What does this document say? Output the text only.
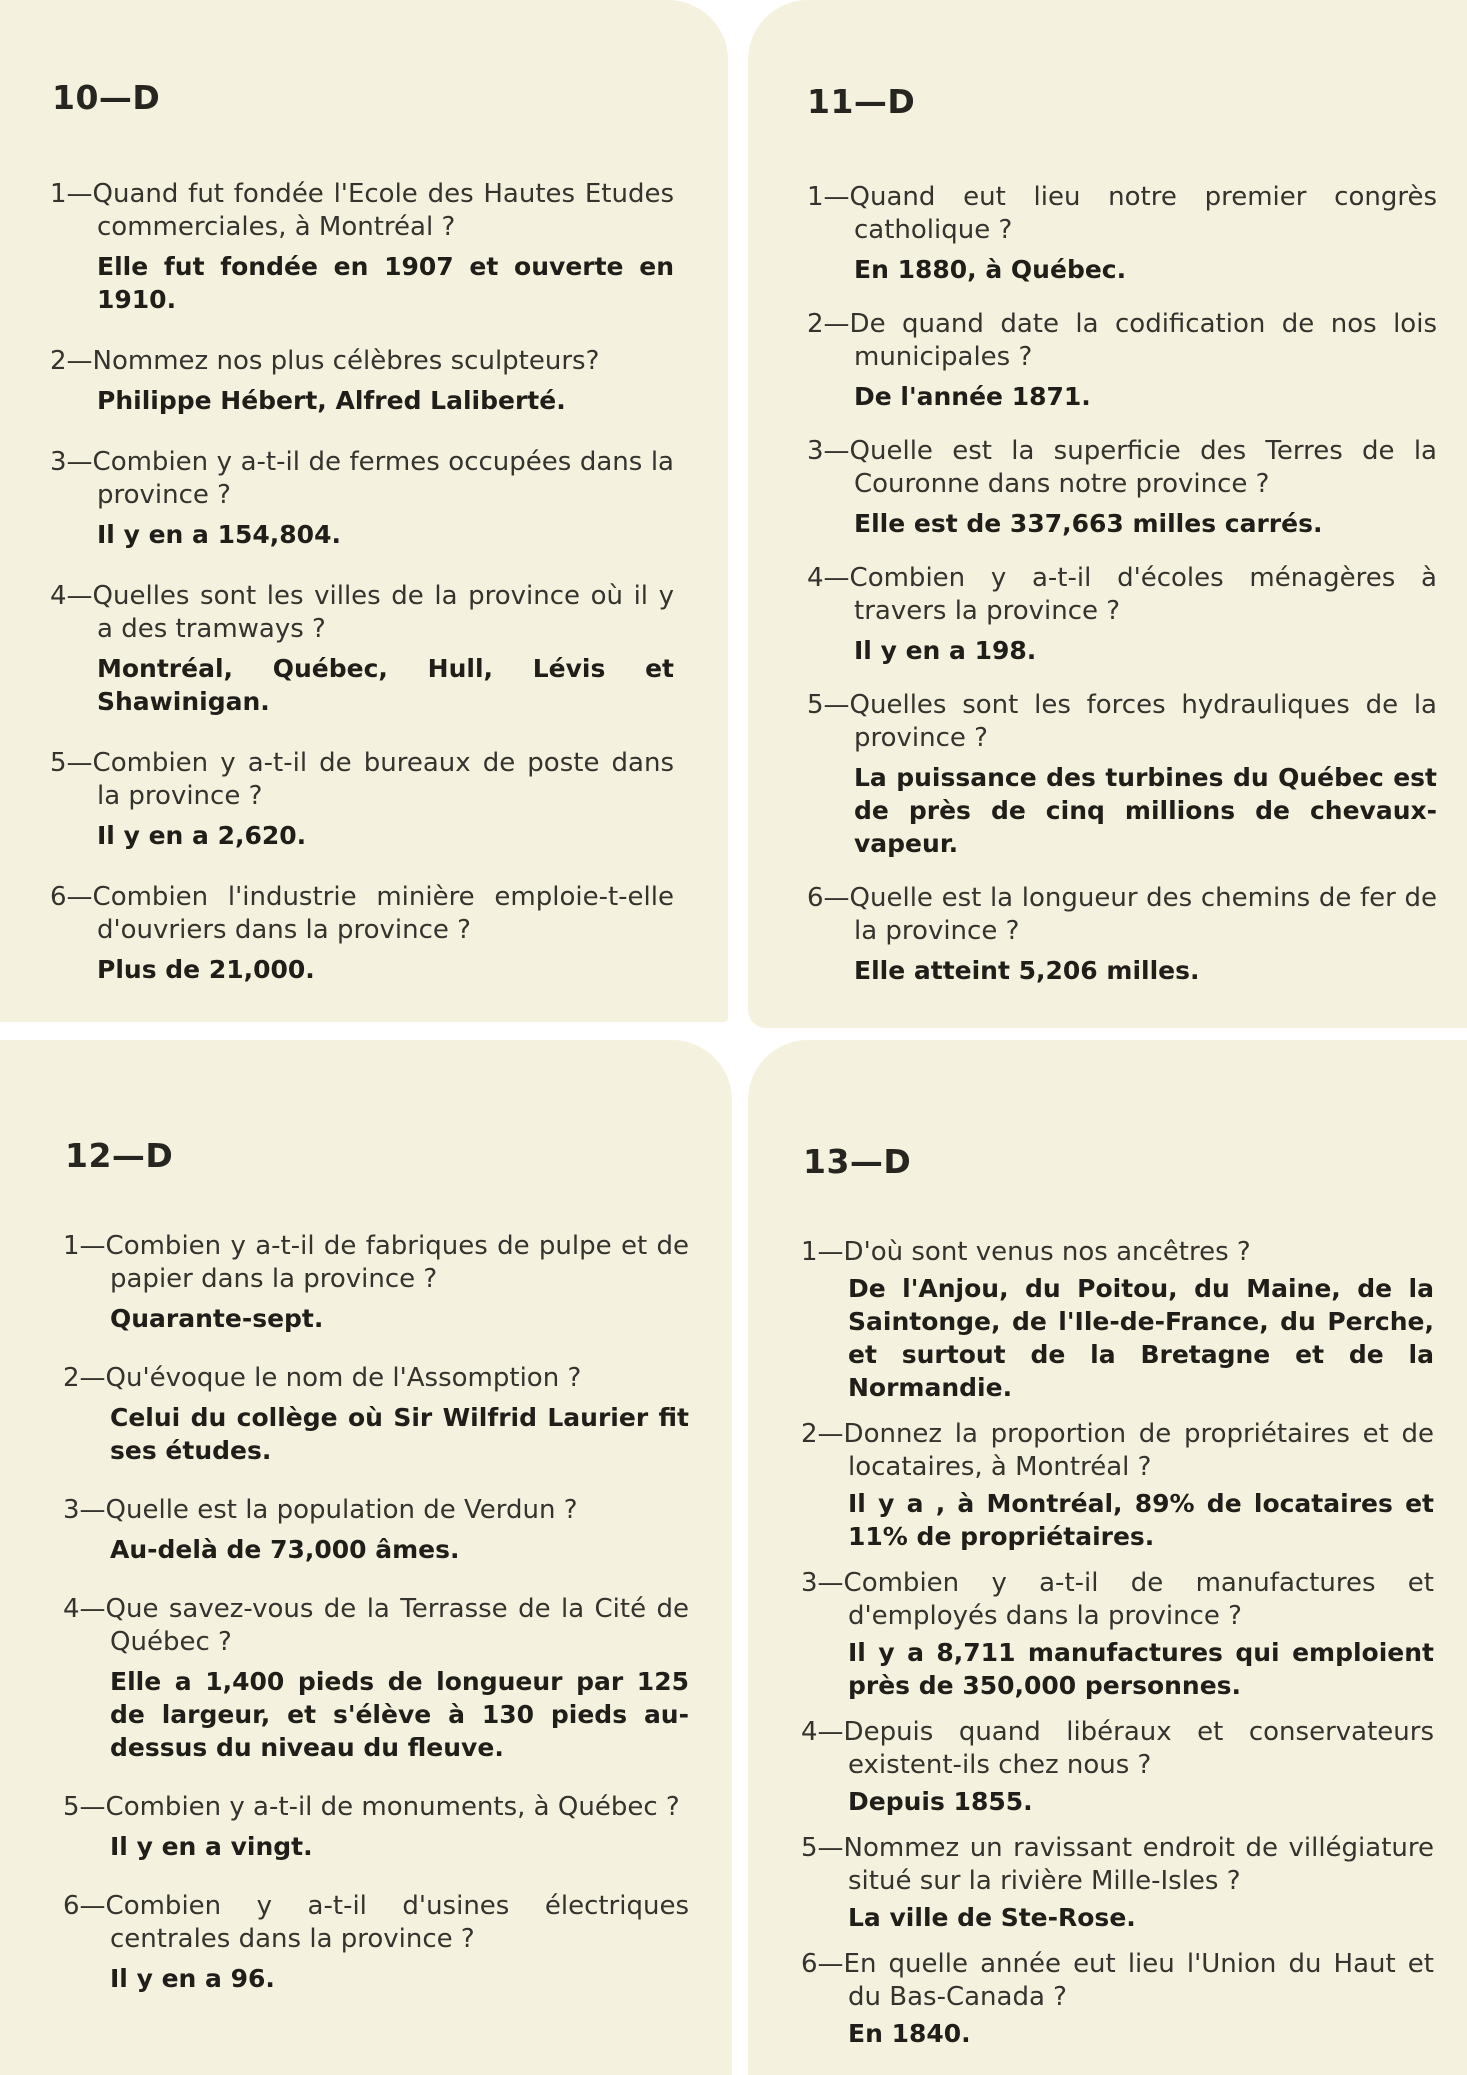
10—D

1—Quand fut fondée l'Ecole des Hautes Etudes commerciales, à Montréal ?

Elle fut fondée en 1907 et ouverte en 1910.

2—Nommez nos plus célèbres sculpteurs?

Philippe Hébert, Alfred Laliberté.

3—Combien y a-t-il de fermes occupées dans la province ?

Il y en a 154,804.

4—Quelles sont les villes de la province où il y a des tramways ?

Montréal, Québec, Hull, Lévis et Shawinigan.

5—Combien y a-t-il de bureaux de poste dans la province ?

Il y en a 2,620.

6—Combien l'industrie minière emploie-t-elle d'ouvriers dans la province ?

Plus de 21,000.

11—D

1—Quand eut lieu notre premier congrès catholique ?

En 1880, à Québec.

2—De quand date la codification de nos lois municipales ?

De l'année 1871.

3—Quelle est la superficie des Terres de la Couronne dans notre province ?

Elle est de 337,663 milles carrés.

4—Combien y a-t-il d'écoles ménagères à travers la province ?

Il y en a 198.

5—Quelles sont les forces hydrauliques de la province ?

La puissance des turbines du Québec est de près de cinq millions de chevaux-vapeur.

6—Quelle est la longueur des chemins de fer de la province ?

Elle atteint 5,206 milles.

12—D

1—Combien y a-t-il de fabriques de pulpe et de papier dans la province ?

Quarante-sept.

2—Qu'évoque le nom de l'Assomption ?

Celui du collège où Sir Wilfrid Laurier fit ses études.

3—Quelle est la population de Verdun ?

Au-delà de 73,000 âmes.

4—Que savez-vous de la Terrasse de la Cité de Québec ?

Elle a 1,400 pieds de longueur par 125 de largeur, et s'élève à 130 pieds au-dessus du niveau du fleuve.

5—Combien y a-t-il de monuments, à Québec ?

Il y en a vingt.

6—Combien y a-t-il d'usines électriques centrales dans la province ?

Il y en a 96.

13—D

1—D'où sont venus nos ancêtres ?

De l'Anjou, du Poitou, du Maine, de la Saintonge, de l'Ile-de-France, du Perche, et surtout de la Bretagne et de la Normandie.

2—Donnez la proportion de propriétaires et de locataires, à Montréal ?

Il y a , à Montréal, 89% de locataires et 11% de propriétaires.

3—Combien y a-t-il de manufactures et d'employés dans la province ?

Il y a 8,711 manufactures qui emploient près de 350,000 personnes.

4—Depuis quand libéraux et conservateurs existent-ils chez nous ?

Depuis 1855.

5—Nommez un ravissant endroit de villégiature situé sur la rivière Mille-Isles ?

La ville de Ste-Rose.

6—En quelle année eut lieu l'Union du Haut et du Bas-Canada ?

En 1840.
